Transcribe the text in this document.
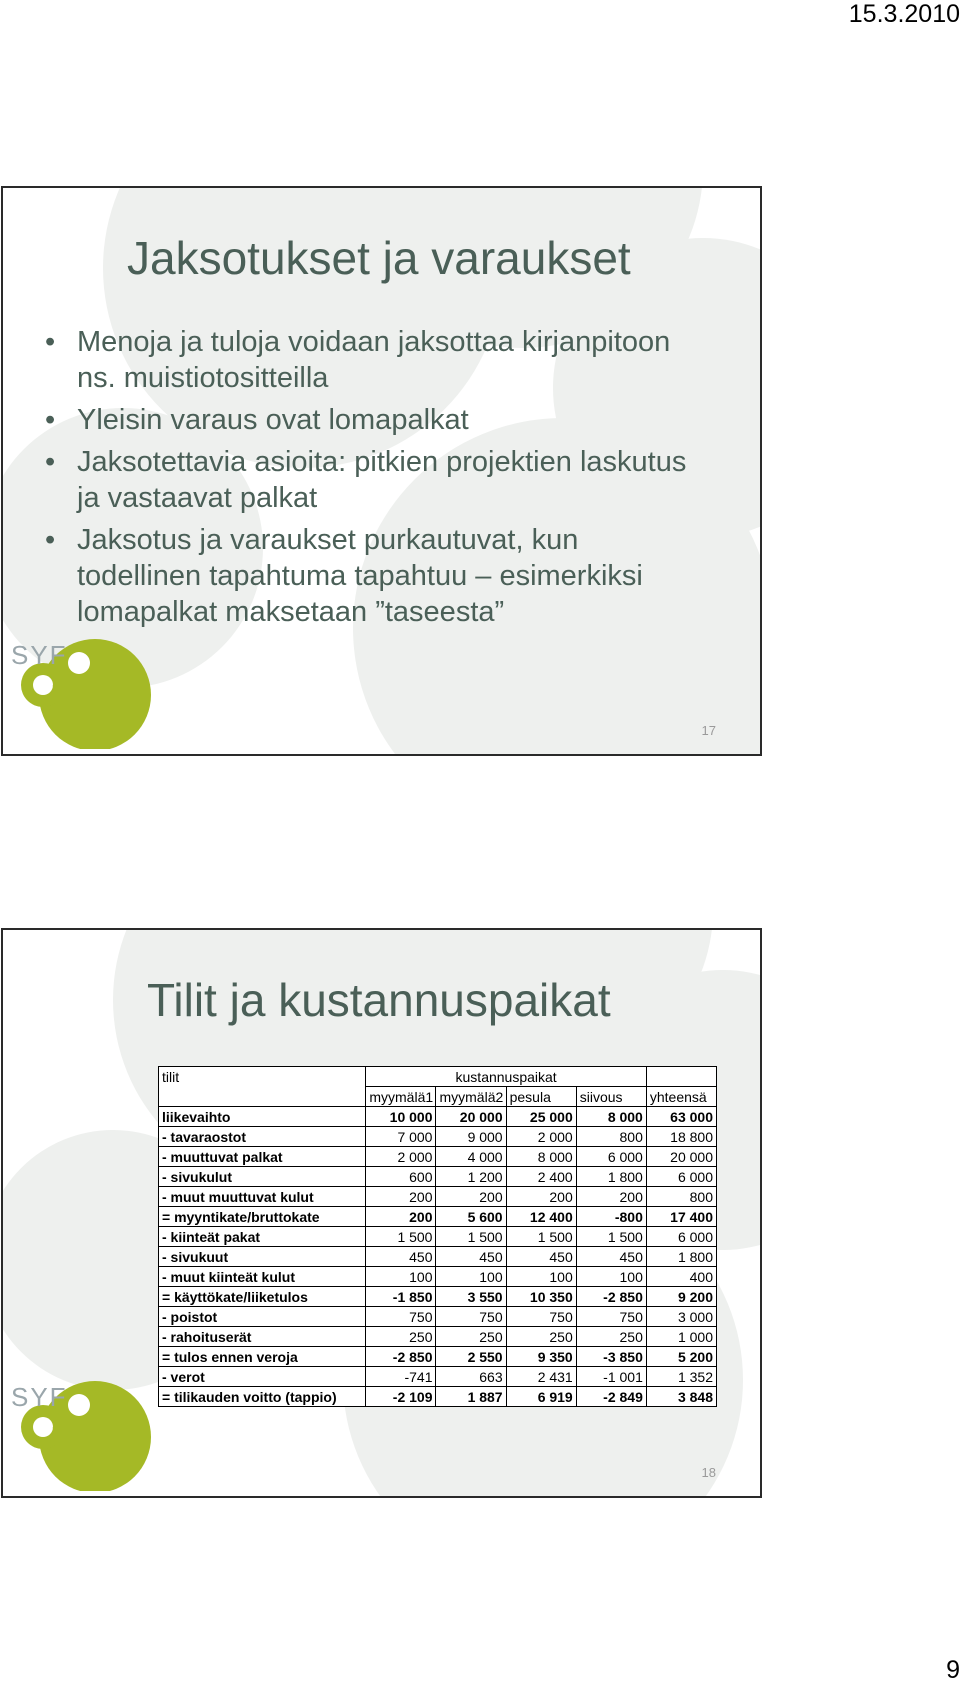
15.3.2010
Jaksotukset ja varaukset
• Menoja ja tuloja voidaan jaksottaa kirjanpitoon
ns. muistiotositteilla
• Yleisin varaus ovat lomapalkat
• Jaksotettavia asioita: pitkien projektien laskutus
ja vastaavat palkat
• Jaksotus ja varaukset purkautuvat, kun
todellinen tapahtuma tapahtuu – esimerkiksi
lomapalkat maksetaan ”taseesta”
SYF
17
Tilit ja kustannuspaikat
tilit	kustannuspaikat				
	myymälä1	myymälä2	pesula	siivous	yhteensä
liikevaihto	10 000	20 000	25 000	8 000	63 000
- tavaraostot	7 000	9 000	2 000	800	18 800
- muuttuvat palkat	2 000	4 000	8 000	6 000	20 000
- sivukulut	600	1 200	2 400	1 800	6 000
- muut muuttuvat kulut	200	200	200	200	800
= myyntikate/bruttokate	200	5 600	12 400	-800	17 400
- kiinteät pakat	1 500	1 500	1 500	1 500	6 000
- sivukuut	450	450	450	450	1 800
- muut kiinteät kulut	100	100	100	100	400
= käyttökate/liiketulos	-1 850	3 550	10 350	-2 850	9 200
- poistot	750	750	750	750	3 000
- rahoituserät	250	250	250	250	1 000
= tulos ennen veroja	-2 850	2 550	9 350	-3 850	5 200
- verot	-741	663	2 431	-1 001	1 352
= tilikauden voitto (tappio)	-2 109	1 887	6 919	-2 849	3 848
SYF
18
9
